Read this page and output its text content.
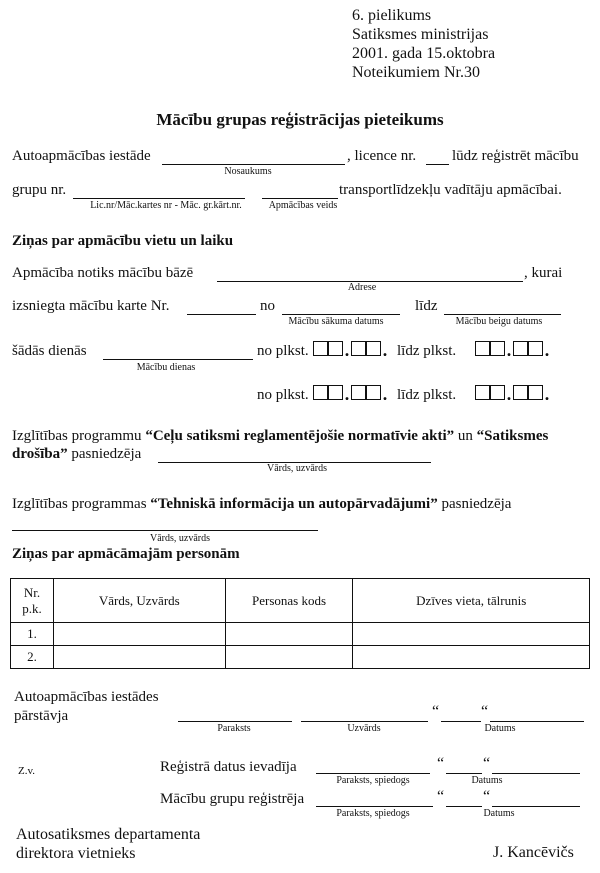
6. pielikums
Satiksmes ministrijas
2001. gada 15.oktobra
Noteikumiem Nr.30
Mācību grupas reģistrācijas pieteikums
Autoapmācības iestāde
Nosaukums
, licence nr. lūdz reģistrēt mācību
grupu nr.
Lic.nr/Māc.kartes nr - Māc. gr.kārt.nr.	Apmācības veids
transportlīdzekļu vadītāju apmācībai.
Ziņas par apmācību vietu un laiku
Apmācība notiks mācību bāzē
Adrese
, kurai
izsniegta mācību karte Nr.	no
Mācību sākuma datums
līdz
Mācību beigu datums
šādās dienās
Mācību dienas
no plkst. . . līdz plkst.	. .
no plkst. . . līdz plkst.	. .
Izglītības programmu “Ceļu satiksmi reglamentējošie normatīvie akti” un “Satiksmes
drošība” pasniedzēja
Vārds, uzvārds
Izglītības programmas “Tehniskā informācija un autopārvadājumi” pasniedzēja
Vārds, uzvārds
Ziņas par apmācāmajām personām
Nr.
p.k.	Vārds, Uzvārds	Personas kods	Dzīves vieta, tālrunis
1.			
2.			
Autoapmācības iestādes
pārstāvja
Paraksts	Uzvārds
“	“
Datums
Z.v.	Reģistrā datus ievadīja
Paraksts, spiedogs
“ “
Datums
Mācību grupu reģistrēja
Paraksts, spiedogs
“ “
Datums
Autosatiksmes departamenta
direktora vietnieks	J. Kancēvičs
